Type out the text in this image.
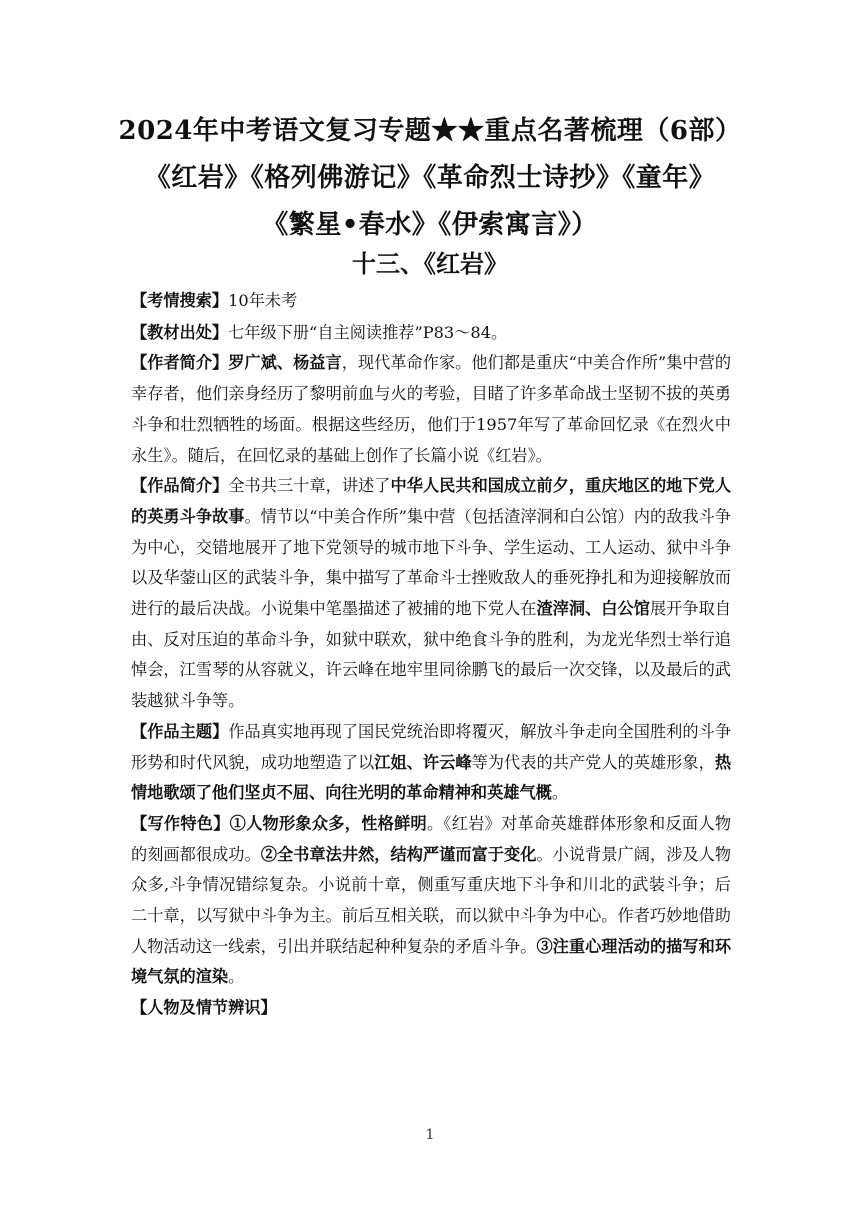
2024年中考语文复习专题★★重点名著梳理（6部）
《红岩》《格列佛游记》《革命烈士诗抄》《童年》
《繁星•春水》《伊索寓言》）
十三、《红岩》

【考情搜索】10年未考

【教材出处】七年级下册“自主阅读推荐”P83～84。

【作者简介】罗广斌、杨益言，现代革命作家。他们都是重庆“中美合作所”集中营的幸存者，他们亲身经历了黎明前血与火的考验，目睹了许多革命战士坚韧不拔的英勇斗争和壮烈牺牲的场面。根据这些经历，他们于1957年写了革命回忆录《在烈火中永生》。随后，在回忆录的基础上创作了长篇小说《红岩》。

【作品简介】全书共三十章，讲述了中华人民共和国成立前夕，重庆地区的地下党人的英勇斗争故事。情节以“中美合作所”集中营（包括渣滓洞和白公馆）内的敌我斗争为中心，交错地展开了地下党领导的城市地下斗争、学生运动、工人运动、狱中斗争以及华蓥山区的武装斗争，集中描写了革命斗士挫败敌人的垂死挣扎和为迎接解放而进行的最后决战。小说集中笔墨描述了被捕的地下党人在渣滓洞、白公馆展开争取自由、反对压迫的革命斗争，如狱中联欢，狱中绝食斗争的胜利，为龙光华烈士举行追悼会，江雪琴的从容就义，许云峰在地牢里同徐鹏飞的最后一次交锋，以及最后的武装越狱斗争等。

【作品主题】作品真实地再现了国民党统治即将覆灭，解放斗争走向全国胜利的斗争形势和时代风貌，成功地塑造了以江姐、许云峰等为代表的共产党人的英雄形象，热情地歌颂了他们坚贞不屈、向往光明的革命精神和英雄气概。

【写作特色】①人物形象众多，性格鲜明。《红岩》对革命英雄群体形象和反面人物的刻画都很成功。②全书章法井然，结构严谨而富于变化。小说背景广阔，涉及人物众多,斗争情况错综复杂。小说前十章，侧重写重庆地下斗争和川北的武装斗争；后二十章，以写狱中斗争为主。前后互相关联，而以狱中斗争为中心。作者巧妙地借助人物活动这一线索，引出并联结起种种复杂的矛盾斗争。③注重心理活动的描写和环境气氛的渲染。

【人物及情节辨识】

1
